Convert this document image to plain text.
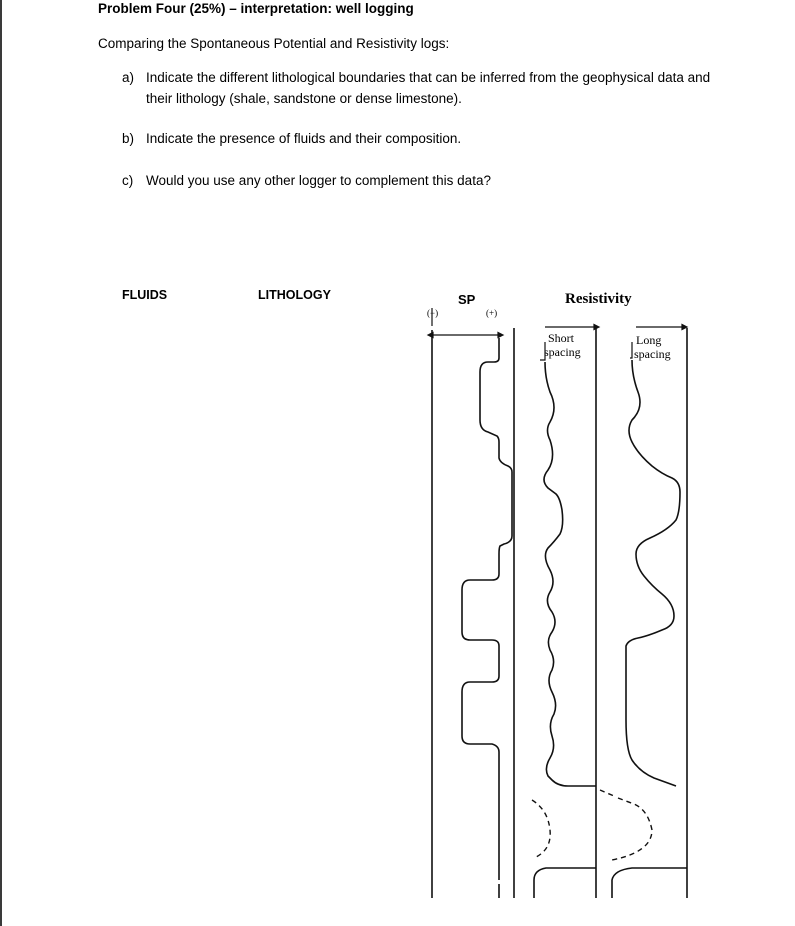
Problem Four (25%) – interpretation: well logging
Comparing the Spontaneous Potential and Resistivity logs:
a) Indicate the different lithological boundaries that can be inferred from the geophysical data and their lithology (shale, sandstone or dense limestone).
b) Indicate the presence of fluids and their composition.
c) Would you use any other logger to complement this data?
FLUIDS	LITHOLOGY	SP
(−)	(+)
Resistivity
Short
spacing
Long
spacing
